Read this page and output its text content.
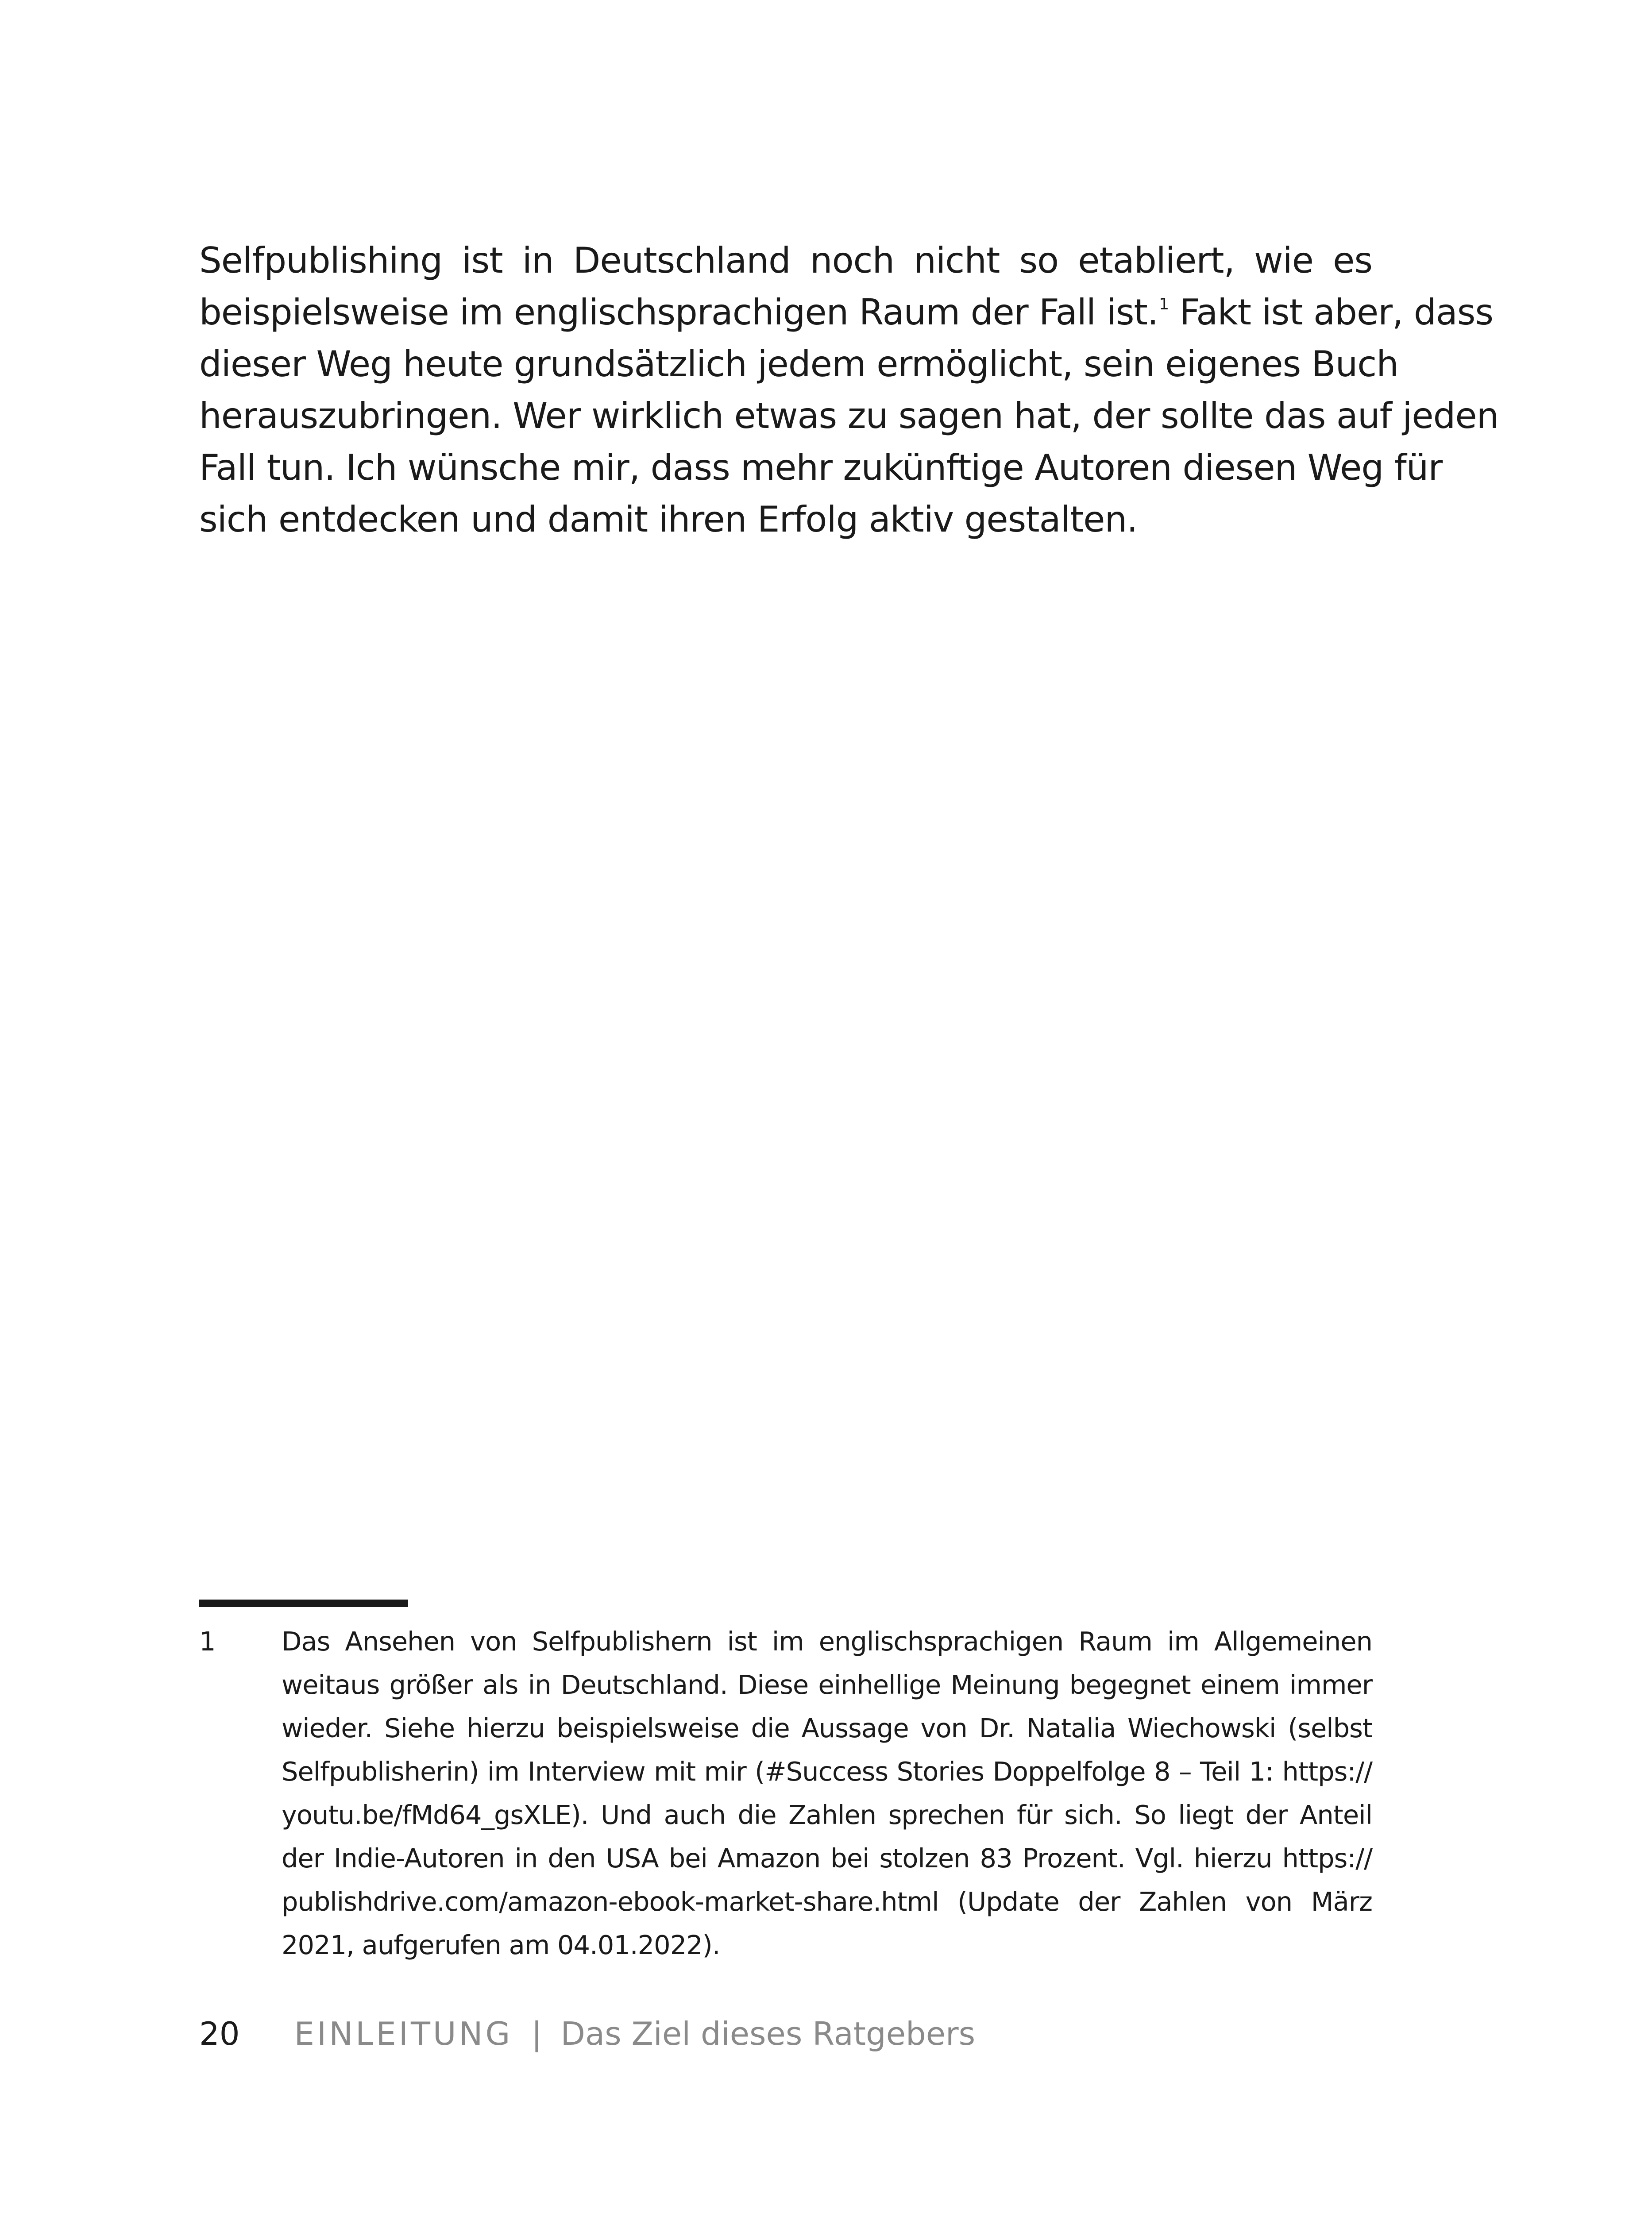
Selfpublishing ist in Deutschland noch nicht so etabliert, wie es
beispielsweise im englischsprachigen Raum der Fall ist.$^1$ Fakt ist aber, dass
dieser Weg heute grundsätzlich jedem ermöglicht, sein eigenes Buch
herauszubringen. Wer wirklich etwas zu sagen hat, der sollte das auf jeden
Fall tun. Ich wünsche mir, dass mehr zukünftige Autoren diesen Weg für
sich entdecken und damit ihren Erfolg aktiv gestalten.
1	Das Ansehen von Selfpublishern ist im englischsprachigen Raum im Allgemeinen
weitaus größer als in Deutschland. Diese einhellige Meinung begegnet einem immer
wieder. Siehe hierzu beispielsweise die Aussage von Dr. Natalia Wiechowski (selbst
Selfpublisherin) im Interview mit mir (#Success Stories Doppelfolge 8 – Teil 1: https://
youtu.be/fMd64_gsXLE). Und auch die Zahlen sprechen für sich. So liegt der Anteil
der Indie-Autoren in den USA bei Amazon bei stolzen 83 Prozent. Vgl. hierzu https://
publishdrive.com/amazon-ebook-market-share.html (Update der Zahlen von März
2021, aufgerufen am 04.01.2022).
20 EINLEITUNG | Das Ziel dieses Ratgebers
